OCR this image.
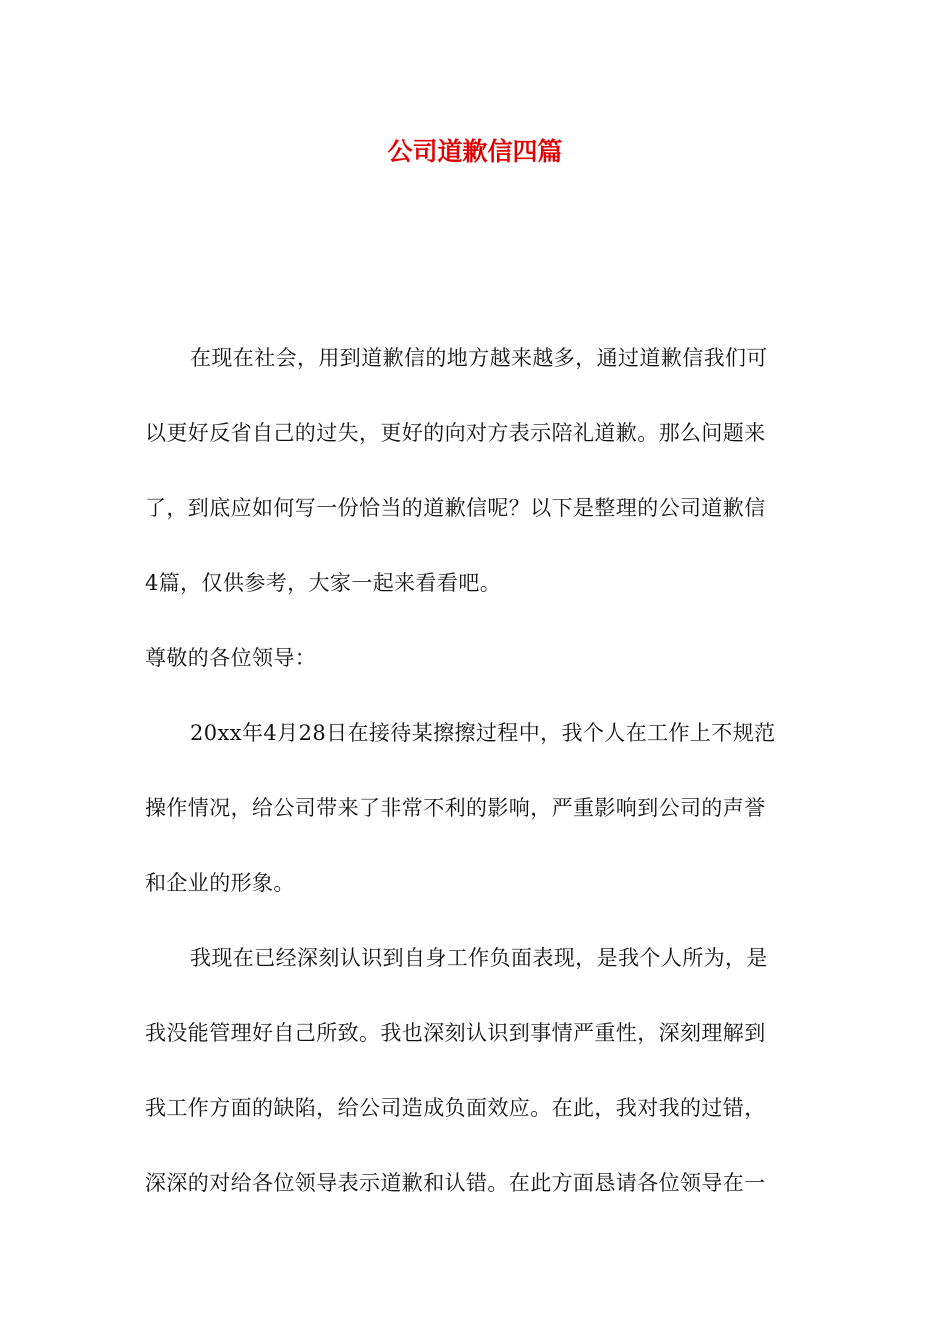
公司道歉信四篇

在现在社会，用到道歉信的地方越来越多，通过道歉信我们可
以更好反省自己的过失，更好的向对方表示陪礼道歉。那么问题来
了，到底应如何写一份恰当的道歉信呢？以下是整理的公司道歉信
4篇，仅供参考，大家一起来看看吧。

尊敬的各位领导：

20xx年4月28日在接待某擦擦过程中，我个人在工作上不规范
操作情况，给公司带来了非常不利的影响，严重影响到公司的声誉
和企业的形象。

我现在已经深刻认识到自身工作负面表现，是我个人所为，是
我没能管理好自己所致。我也深刻认识到事情严重性，深刻理解到
我工作方面的缺陷，给公司造成负面效应。在此，我对我的过错，
深深的对给各位领导表示道歉和认错。在此方面恳请各位领导在一
